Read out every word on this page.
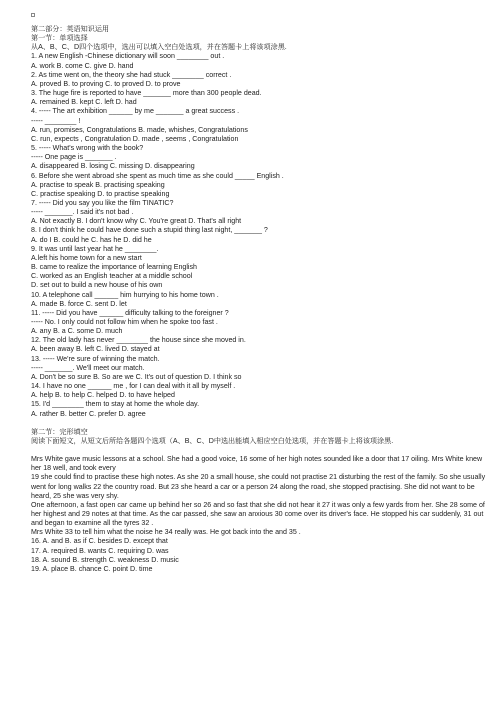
第二部分：英语知识运用
第一节：单项选择
从A、B、C、D四个选项中，选出可以填入空白处选项，并在答题卡上将该项涂黑.
1. A new English -Chinese dictionary will soon ________ out .
A. work B. come C. give D. hand
2. As time went on, the theory she had stuck ________ correct .
A. proved B. to proving C. to proved D. to prove
3. The huge fire is reported to have _______ more than 300 people dead.
A. remained B. kept C. left D. had
4. ----- The art exhibition ______ by me _______ a great success .
----- ________ !
A. run, promises, Congratulations B. made, whishes, Congratulations
C. run, expects , Congratulation D. made , seems , Congratulation
5. ----- What's wrong with the book?
----- One page is _______ .
A. disappeared B. losing C. missing D. disappearing
6. Before she went abroad she spent as much time as she could _____ English .
A. practise to speak B. practising speaking
C. practise speaking D. to practise speaking
7. ----- Did you say you like the film TINATIC?
----- _______. I said it's not bad .
A. Not exactly B. I don't know why C. You're great D. That's all right
8. I don't think he could have done such a stupid thing last night, _______ ?
A. do I B. could he C. has he D. did he
9. It was until last year hat he ________.
A.left his home town for a new start
B. came to realize the importance of learning English
C. worked as an English teacher at a middle school
D. set out to build a new house of his own
10. A telephone call ______ him hurrying to his home town .
A. made B. force C. sent D. let
11. ----- Did you have ______ difficulty talking to the foreigner ?
----- No. I only could not follow him when he spoke too fast .
A. any B. a C. some D. much
12. The old lady has never ________ the house since she moved in.
A. been away B. left C. lived D. stayed at
13. ----- We're sure of winning the match.
----- _______. We'll meet our match.
A. Don't be so sure B. So are we C. It's out of question D. I think so
14. I have no one ______ me , for I can deal with it all by myself .
A. help B. to help C. helped D. to have helped
15. I'd ________ them to stay at home the whole day.
A. rather B. better C. prefer D. agree
第二节：完形填空
阅读下面短文，从短文后所给各题四个选项（A、B、C、D中选出能填入相应空白处选项，并在答题卡上将该项涂黑.
Mrs White gave music lessons at a school. She had a good voice, 16 some of her high notes sounded like a door that 17 oiling. Mrs White knew her 18 well, and took every
19 she could find to practise these high notes. As she 20 a small house, she could not practise 21 disturbing the rest of the family. So she usually went for long walks 22 the country road. But 23 she heard a car or a person 24 along the road, she stopped practising. She did not want to be heard, 25 she was very shy.
One afternoon, a fast open car came up behind her so 26 and so fast that she did not hear it 27 it was only a few yards from her. She 28 some of her highest and 29 notes at that time. As the car passed, she saw an anxious 30 come over its driver's face. He stopped his car suddenly, 31 out and began to examine all the tyres 32 .
Mrs White 33 to tell him what the noise he 34 really was. He got back into the and 35 .
16. A. and B. as if C. besides D. except that
17. A. required B. wants C. requiring D. was
18. A. sound B. strength C. weakness D. music
19. A. place B. chance C. point D. time
